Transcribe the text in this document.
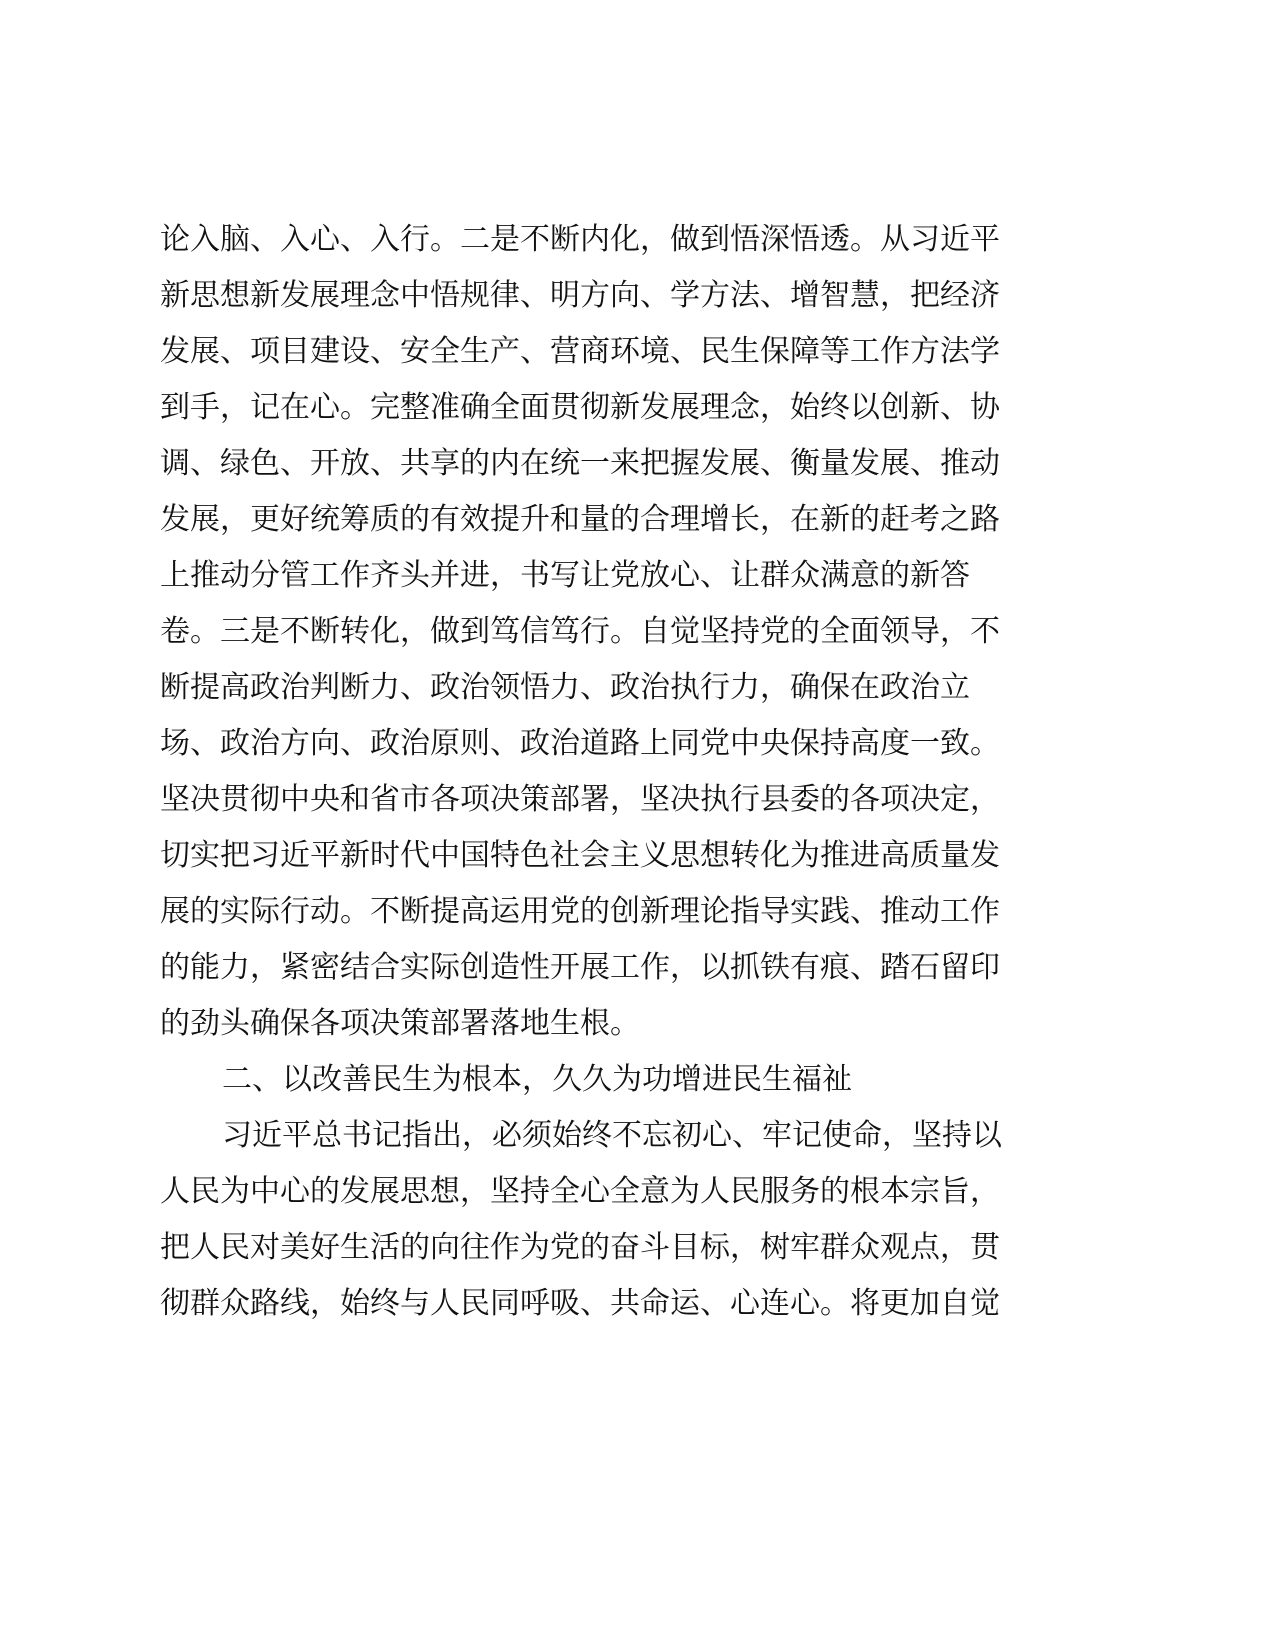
论入脑、入心、入行。二是不断内化，做到悟深悟透。从习近平
新思想新发展理念中悟规律、明方向、学方法、增智慧，把经济
发展、项目建设、安全生产、营商环境、民生保障等工作方法学
到手，记在心。完整准确全面贯彻新发展理念，始终以创新、协
调、绿色、开放、共享的内在统一来把握发展、衡量发展、推动
发展，更好统筹质的有效提升和量的合理增长，在新的赶考之路
上推动分管工作齐头并进，书写让党放心、让群众满意的新答
卷。三是不断转化，做到笃信笃行。自觉坚持党的全面领导，不
断提高政治判断力、政治领悟力、政治执行力，确保在政治立
场、政治方向、政治原则、政治道路上同党中央保持高度一致。
坚决贯彻中央和省市各项决策部署，坚决执行县委的各项决定，
切实把习近平新时代中国特色社会主义思想转化为推进高质量发
展的实际行动。不断提高运用党的创新理论指导实践、推动工作
的能力，紧密结合实际创造性开展工作，以抓铁有痕、踏石留印
的劲头确保各项决策部署落地生根。
二、以改善民生为根本，久久为功增进民生福祉
习近平总书记指出，必须始终不忘初心、牢记使命，坚持以
人民为中心的发展思想，坚持全心全意为人民服务的根本宗旨，
把人民对美好生活的向往作为党的奋斗目标，树牢群众观点，贯
彻群众路线，始终与人民同呼吸、共命运、心连心。将更加自觉
